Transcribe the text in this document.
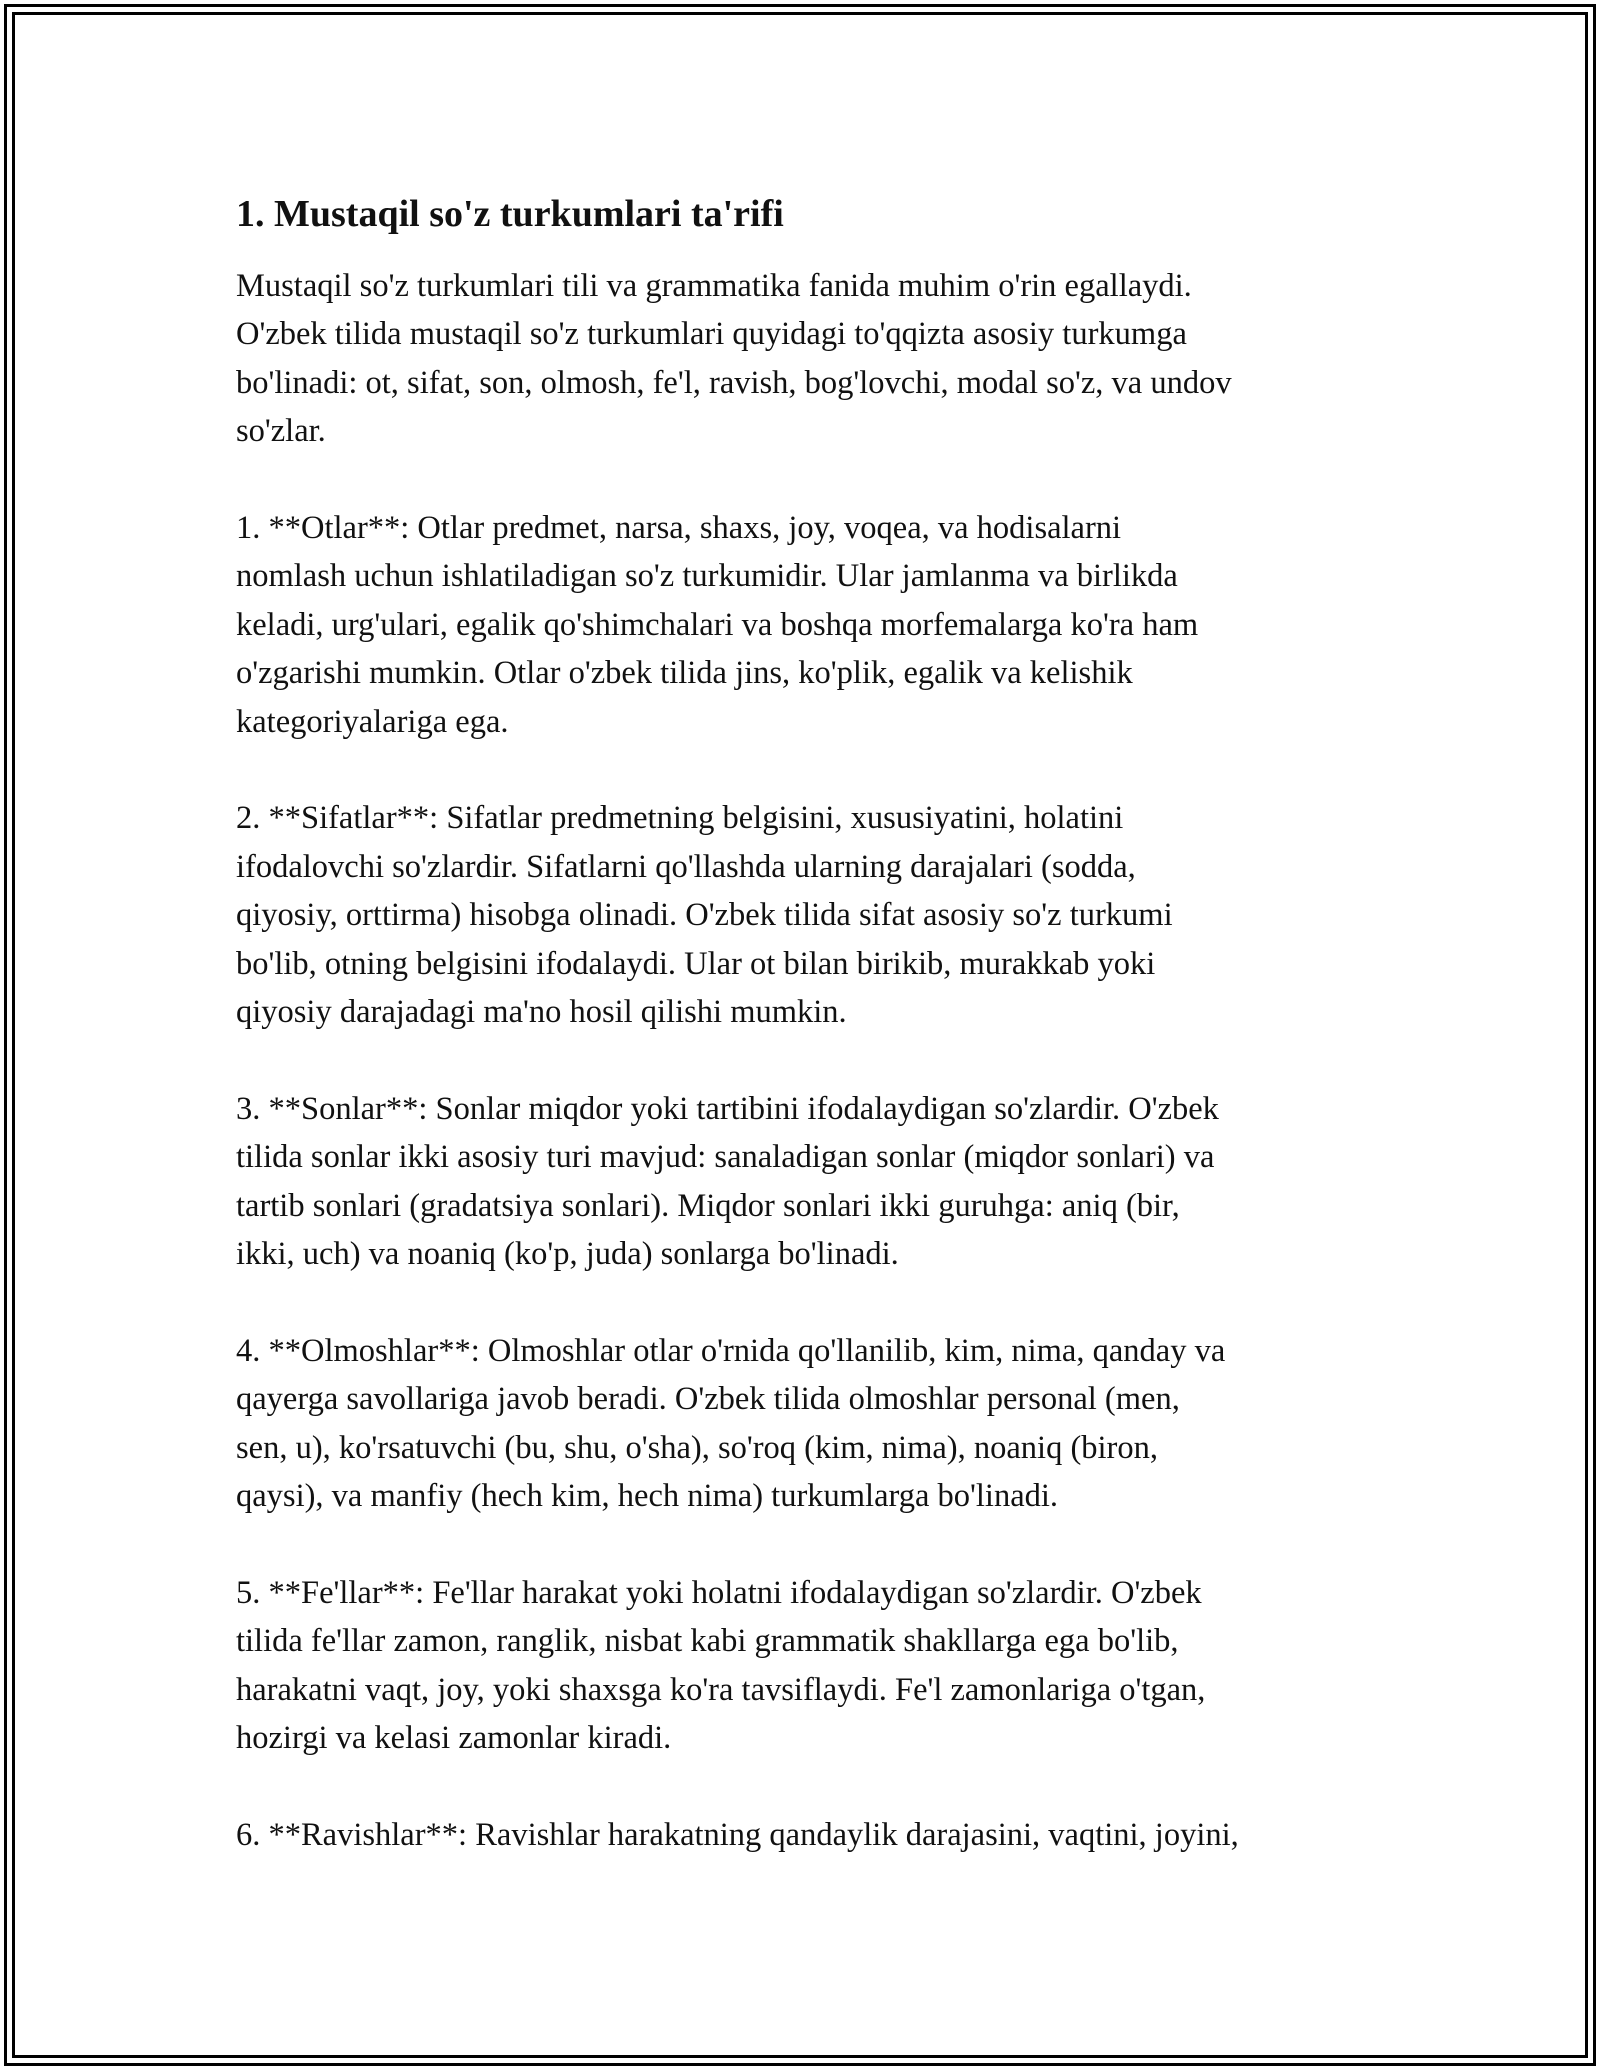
1. Mustaqil so'z turkumlari ta'rifi
Mustaqil so'z turkumlari tili va grammatika fanida muhim o'rin egallaydi.
O'zbek tilida mustaqil so'z turkumlari quyidagi to'qqizta asosiy turkumga
bo'linadi: ot, sifat, son, olmosh, fe'l, ravish, bog'lovchi, modal so'z, va undov
so'zlar.
1. **Otlar**: Otlar predmet, narsa, shaxs, joy, voqea, va hodisalarni
nomlash uchun ishlatiladigan so'z turkumidir. Ular jamlanma va birlikda
keladi, urg'ulari, egalik qo'shimchalari va boshqa morfemalarga ko'ra ham
o'zgarishi mumkin. Otlar o'zbek tilida jins, ko'plik, egalik va kelishik
kategoriyalariga ega.
2. **Sifatlar**: Sifatlar predmetning belgisini, xususiyatini, holatini
ifodalovchi so'zlardir. Sifatlarni qo'llashda ularning darajalari (sodda,
qiyosiy, orttirma) hisobga olinadi. O'zbek tilida sifat asosiy so'z turkumi
bo'lib, otning belgisini ifodalaydi. Ular ot bilan birikib, murakkab yoki
qiyosiy darajadagi ma'no hosil qilishi mumkin.
3. **Sonlar**: Sonlar miqdor yoki tartibini ifodalaydigan so'zlardir. O'zbek
tilida sonlar ikki asosiy turi mavjud: sanaladigan sonlar (miqdor sonlari) va
tartib sonlari (gradatsiya sonlari). Miqdor sonlari ikki guruhga: aniq (bir,
ikki, uch) va noaniq (ko'p, juda) sonlarga bo'linadi.
4. **Olmoshlar**: Olmoshlar otlar o'rnida qo'llanilib, kim, nima, qanday va
qayerga savollariga javob beradi. O'zbek tilida olmoshlar personal (men,
sen, u), ko'rsatuvchi (bu, shu, o'sha), so'roq (kim, nima), noaniq (biron,
qaysi), va manfiy (hech kim, hech nima) turkumlarga bo'linadi.
5. **Fe'llar**: Fe'llar harakat yoki holatni ifodalaydigan so'zlardir. O'zbek
tilida fe'llar zamon, ranglik, nisbat kabi grammatik shakllarga ega bo'lib,
harakatni vaqt, joy, yoki shaxsga ko'ra tavsiflaydi. Fe'l zamonlariga o'tgan,
hozirgi va kelasi zamonlar kiradi.
6. **Ravishlar**: Ravishlar harakatning qandaylik darajasini, vaqtini, joyini,
